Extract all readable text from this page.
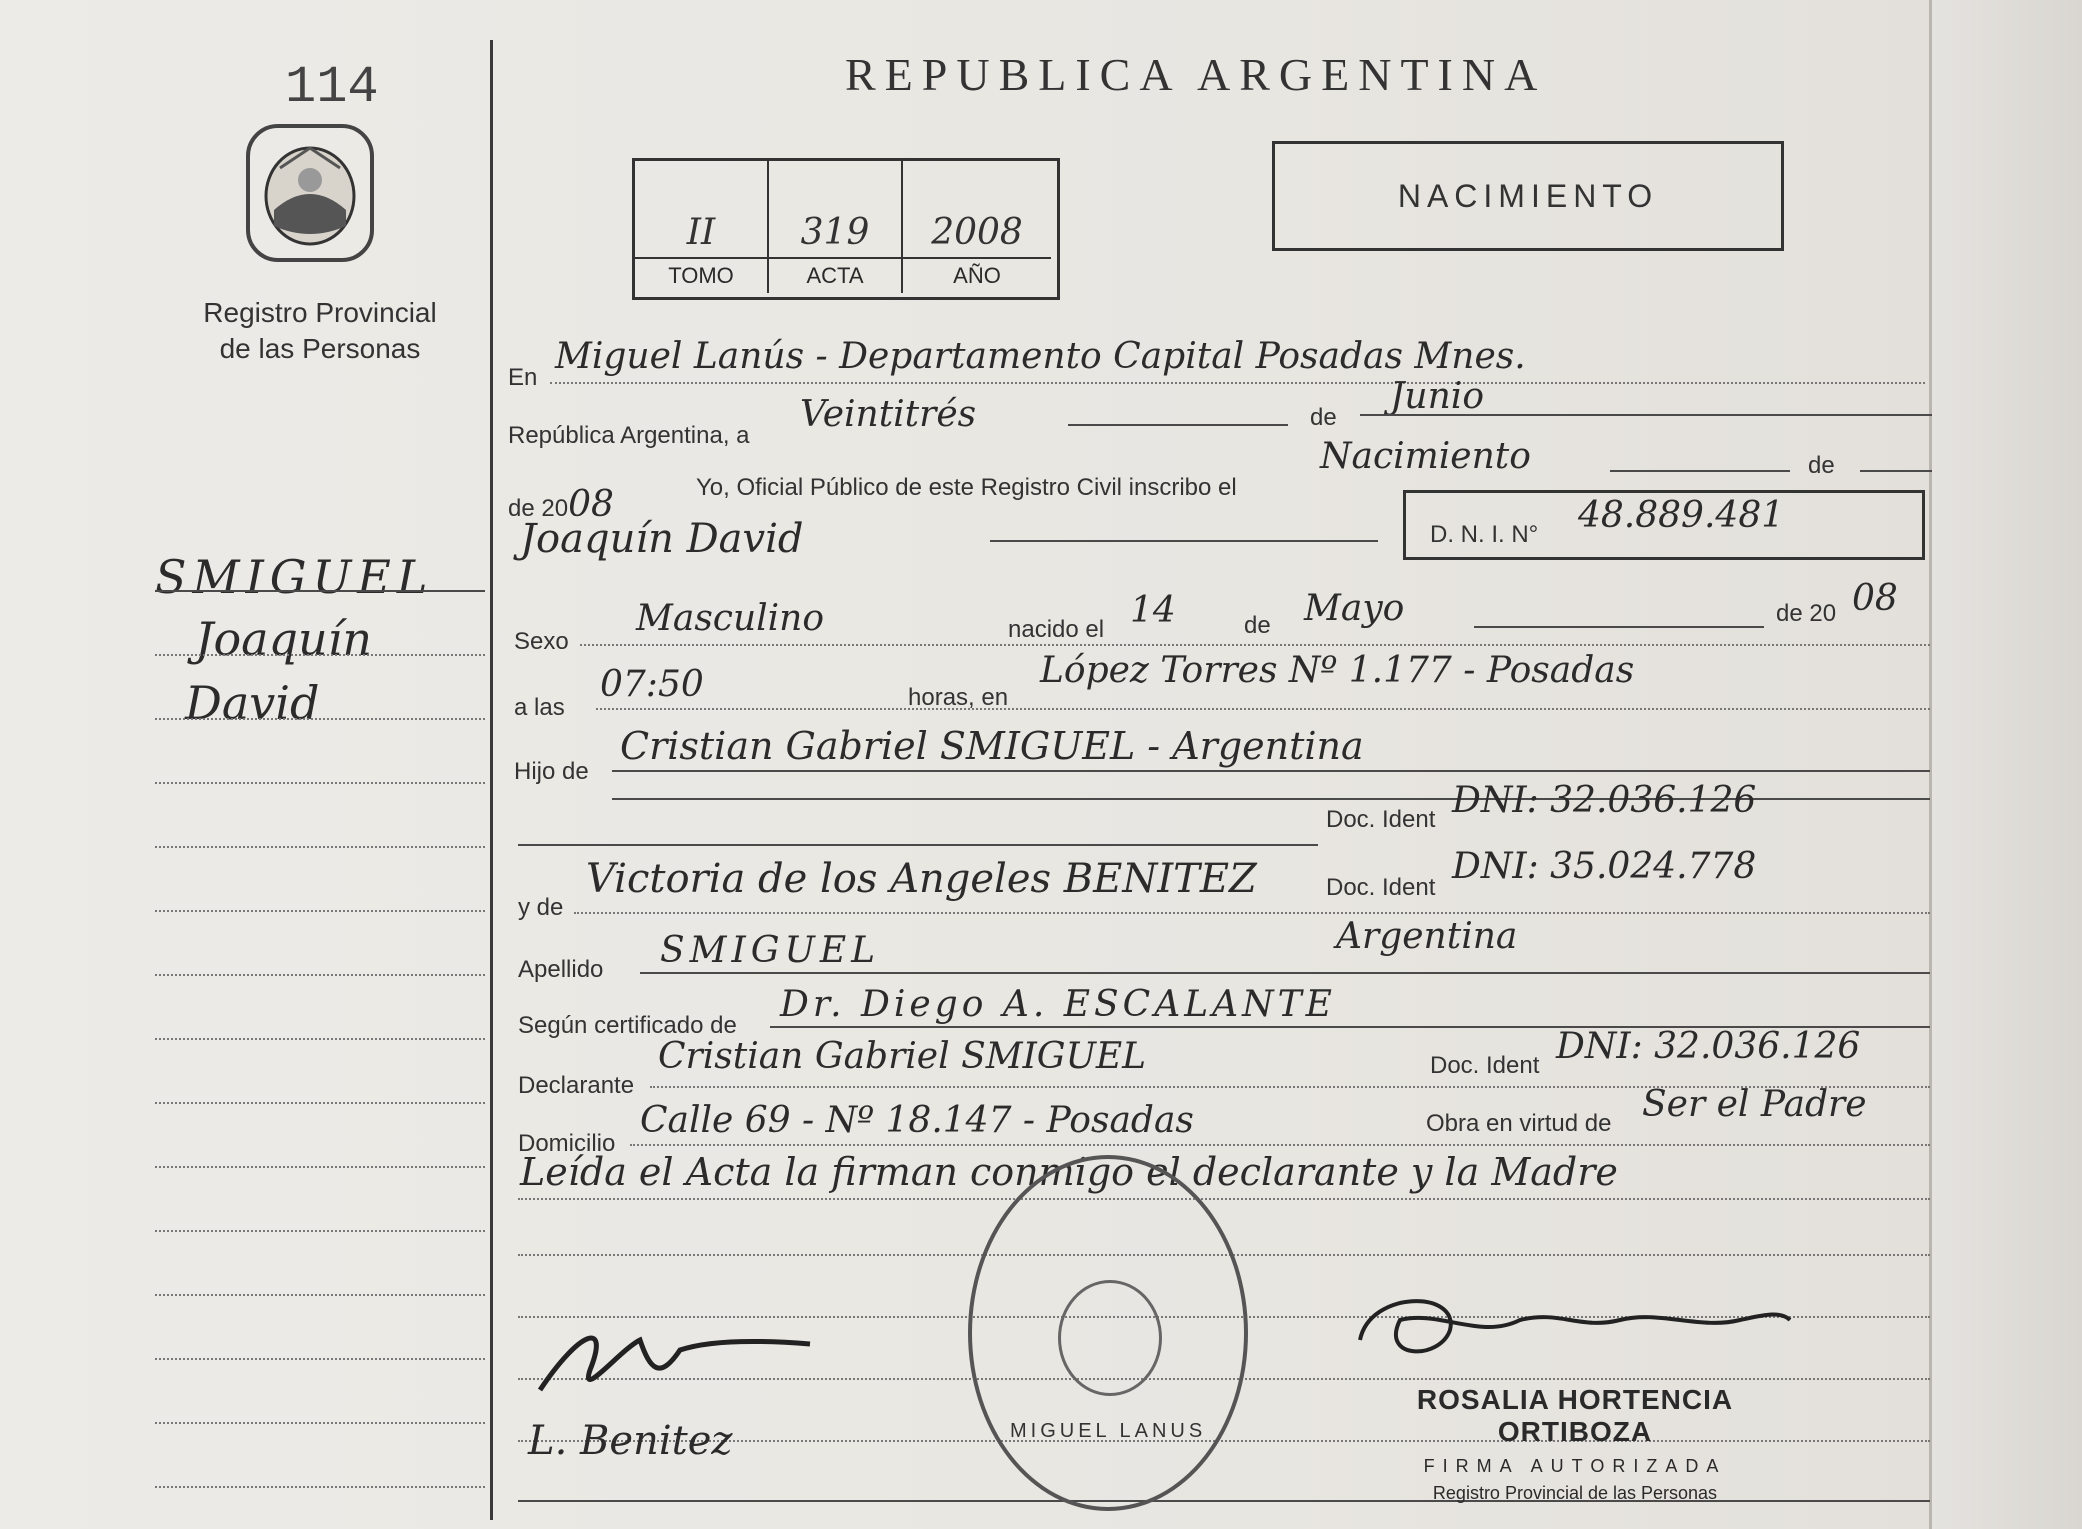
114
Registro Provincial
de las Personas
REPUBLICA ARGENTINA
II	319	2008
TOMO	ACTA	AÑO
NACIMIENTO
En
Miguel Lanús - Departamento Capital Posadas Mnes.
República Argentina, a
Veintitrés	de
Junio
de 2008	Yo, Oficial Público de este Registro Civil inscribo el
Nacimiento	de
Joaquín David	D. N. I. N° 48.889.481
SMIGUEL
Joaquín
David
Sexo
Masculino	nacido el 14	de Mayo	de 20 08
a las
07:50	horas, en
López Torres Nº 1.177 - Posadas
Hijo de
Cristian Gabriel SMIGUEL - Argentina
Doc. Ident DNI: 32.036.126
y de
Victoria de los Angeles BENITEZ	Doc. Ident
DNI: 35.024.778
Apellido SMIGUEL	Argentina
Según certificado de
Dr. Diego A. ESCALANTE
Declarante
Cristian Gabriel SMIGUEL	Doc. Ident DNI: 32.036.126
Domicilio
Calle 69 - Nº 18.147 - Posadas	Obra en virtud de Ser el Padre
Leída el Acta la firman conmigo el declarante y la Madre
MIGUEL LANUS
L. Benitez
ROSALIA HORTENCIA ORTIBOZA
FIRMA AUTORIZADA
Registro Provincial de las Personas
